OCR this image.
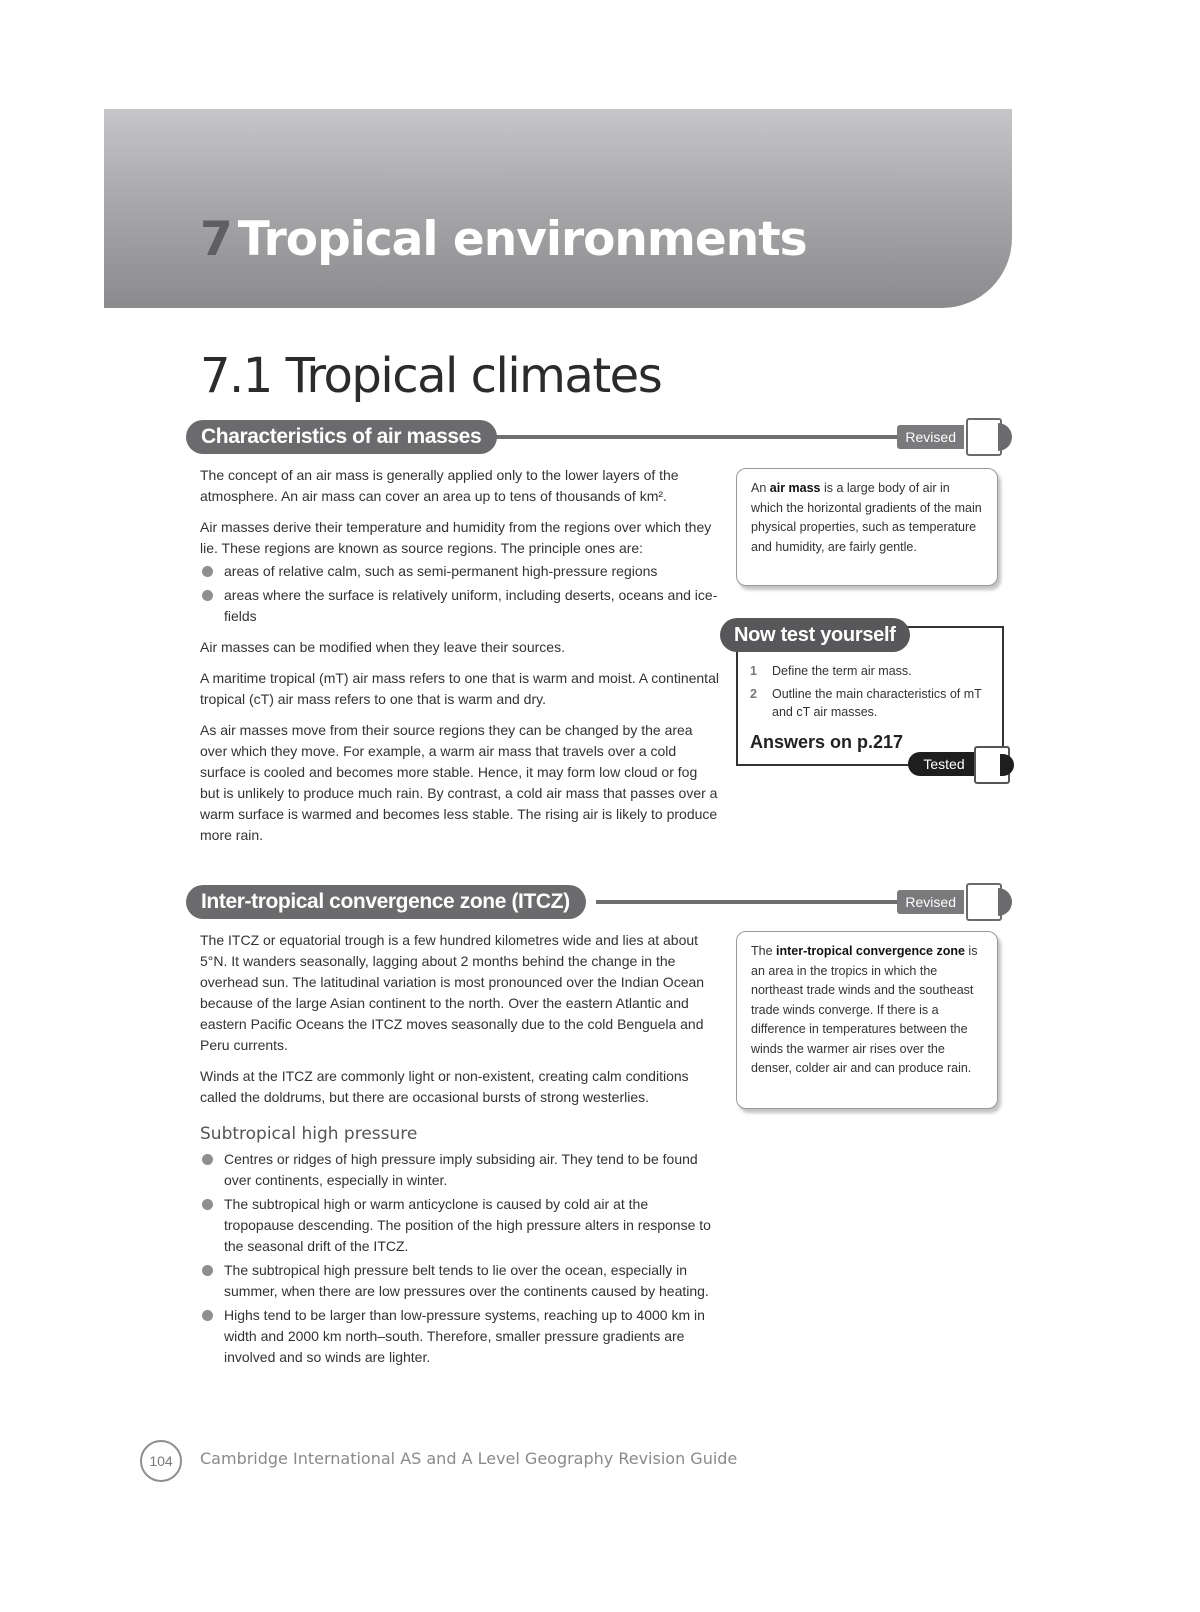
7 Tropical environments
7.1 Tropical climates
Characteristics of air masses	Revised

The concept of an air mass is generally applied only to the lower layers of the atmosphere. An air mass can cover an area up to tens of thousands of km².

Air masses derive their temperature and humidity from the regions over which they lie. These regions are known as source regions. The principle ones are:

areas of relative calm, such as semi-permanent high-pressure regions
areas where the surface is relatively uniform, including deserts, oceans and ice-fields

Air masses can be modified when they leave their sources.

A maritime tropical (mT) air mass refers to one that is warm and moist. A continental tropical (cT) air mass refers to one that is warm and dry.

As air masses move from their source regions they can be changed by the area over which they move. For example, a warm air mass that travels over a cold surface is cooled and becomes more stable. Hence, it may form low cloud or fog but is unlikely to produce much rain. By contrast, a cold air mass that passes over a warm surface is warmed and becomes less stable. The rising air is likely to produce more rain.

An air mass is a large body of air in which the horizontal gradients of the main physical properties, such as temperature and humidity, are fairly gentle.
Now test yourself
1 Define the term air mass.
2 Outline the main characteristics of mT and cT air masses.
Answers on p.217
Tested
Inter-tropical convergence zone (ITCZ)	Revised

The ITCZ or equatorial trough is a few hundred kilometres wide and lies at about 5°N. It wanders seasonally, lagging about 2 months behind the change in the overhead sun. The latitudinal variation is most pronounced over the Indian Ocean because of the large Asian continent to the north. Over the eastern Atlantic and eastern Pacific Oceans the ITCZ moves seasonally due to the cold Benguela and Peru currents.

Winds at the ITCZ are commonly light or non-existent, creating calm conditions called the doldrums, but there are occasional bursts of strong westerlies.

Subtropical high pressure
Centres or ridges of high pressure imply subsiding air. They tend to be found over continents, especially in winter.
The subtropical high or warm anticyclone is caused by cold air at the tropopause descending. The position of the high pressure alters in response to the seasonal drift of the ITCZ.
The subtropical high pressure belt tends to lie over the ocean, especially in summer, when there are low pressures over the continents caused by heating.
Highs tend to be larger than low-pressure systems, reaching up to 4000 km in width and 2000 km north–south. Therefore, smaller pressure gradients are involved and so winds are lighter.
The inter-tropical convergence zone is an area in the tropics in which the northeast trade winds and the southeast trade winds converge. If there is a difference in temperatures between the winds the warmer air rises over the denser, colder air and can produce rain.
104	Cambridge International AS and A Level Geography Revision Guide
